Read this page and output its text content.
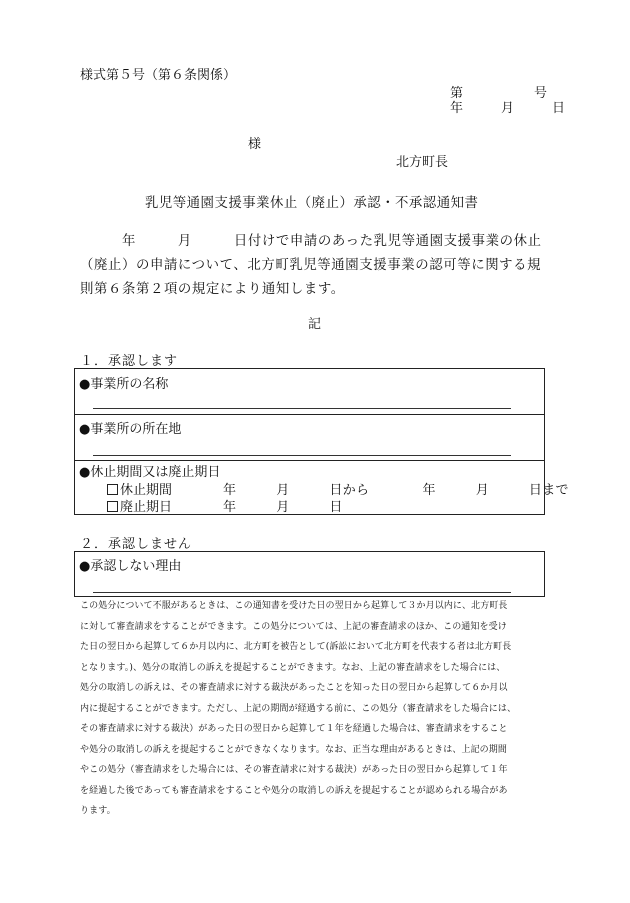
様式第５号（第６条関係）
第　　　　　号
年　　月　　日
様
北方町長
乳児等通園支援事業休止（廃止）承認・不承認通知書
　　　年　　　月　　　日付けで申請のあった乳児等通園支援事業の休止
（廃止）の申請について、北方町乳児等通園支援事業の認可等に関する規
則第６条第２項の規定により通知します。
記
１．承認します
●事業所の名称
●事業所の所在地
●休止期間又は廃止期日
休止期間	年　　　月　　　日から　　　　年　　　月　　　日まで
廃止期日	年　　　月　　　日
２．承認しません
●承認しない理由
この処分について不服があるときは、この通知書を受けた日の翌日から起算して３か月以内に、北方町長
に対して審査請求をすることができます。この処分については、上記の審査請求のほか、この通知を受け
た日の翌日から起算して６か月以内に、北方町を被告として(訴訟において北方町を代表する者は北方町長
となります。)、処分の取消しの訴えを提起することができます。なお、上記の審査請求をした場合には、
処分の取消しの訴えは、その審査請求に対する裁決があったことを知った日の翌日から起算して６か月以
内に提起することができます。ただし、上記の期間が経過する前に、この処分（審査請求をした場合には、
その審査請求に対する裁決）があった日の翌日から起算して１年を経過した場合は、審査請求をすること
や処分の取消しの訴えを提起することができなくなります。なお、正当な理由があるときは、上記の期間
やこの処分（審査請求をした場合には、その審査請求に対する裁決）があった日の翌日から起算して１年
を経過した後であっても審査請求をすることや処分の取消しの訴えを提起することが認められる場合があ
ります。
